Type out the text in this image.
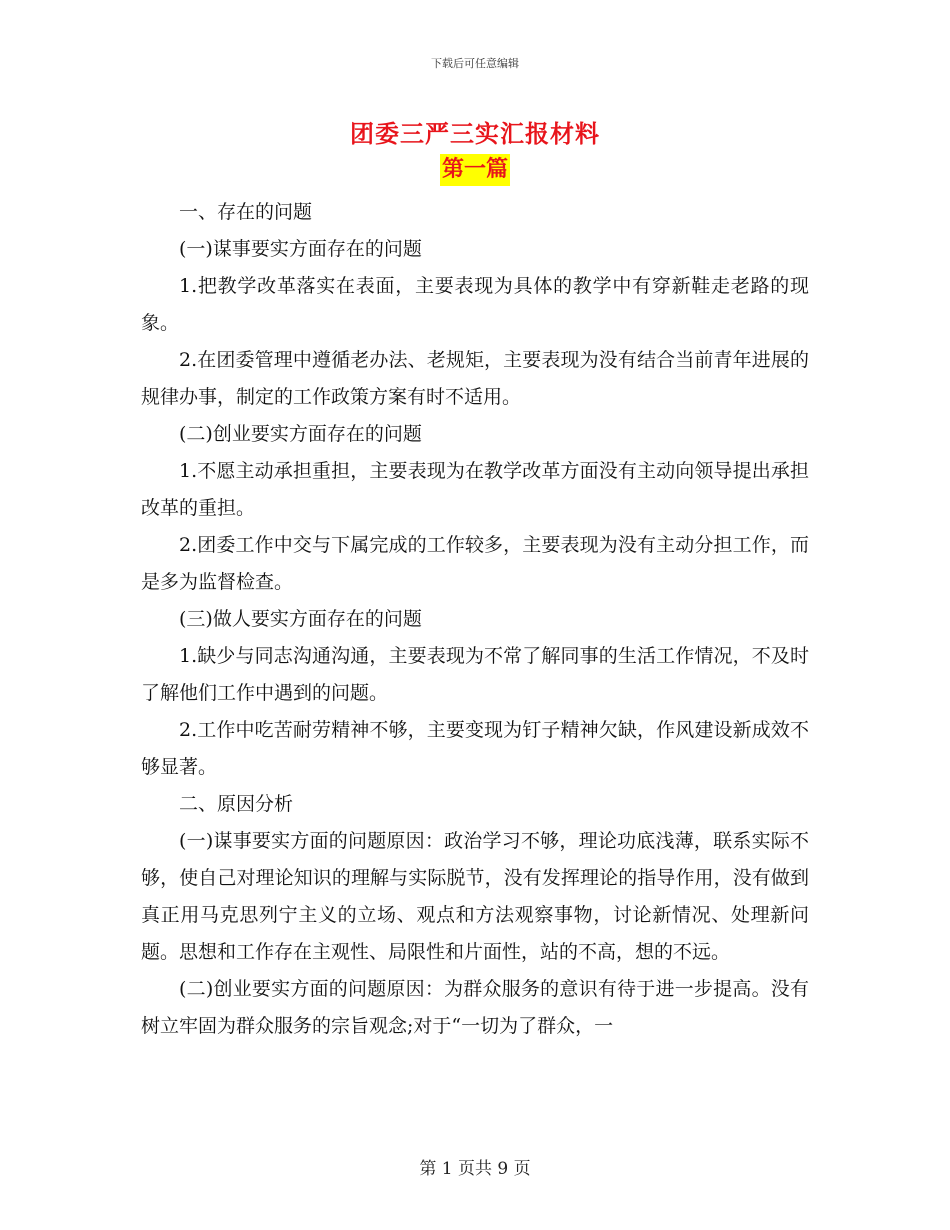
下载后可任意编辑
团委三严三实汇报材料
第一篇

一、存在的问题

(一)谋事要实方面存在的问题

1.把教学改革落实在表面，主要表现为具体的教学中有穿新鞋走老路的现象。

2.在团委管理中遵循老办法、老规矩，主要表现为没有结合当前青年进展的规律办事，制定的工作政策方案有时不适用。

(二)创业要实方面存在的问题

1.不愿主动承担重担，主要表现为在教学改革方面没有主动向领导提出承担改革的重担。

2.团委工作中交与下属完成的工作较多，主要表现为没有主动分担工作，而是多为监督检查。

(三)做人要实方面存在的问题

1.缺少与同志沟通沟通，主要表现为不常了解同事的生活工作情况，不及时了解他们工作中遇到的问题。

2.工作中吃苦耐劳精神不够，主要变现为钉子精神欠缺，作风建设新成效不够显著。

二、原因分析

(一)谋事要实方面的问题原因：政治学习不够，理论功底浅薄，联系实际不够，使自己对理论知识的理解与实际脱节，没有发挥理论的指导作用，没有做到真正用马克思列宁主义的立场、观点和方法观察事物，讨论新情况、处理新问题。思想和工作存在主观性、局限性和片面性，站的不高，想的不远。

(二)创业要实方面的问题原因：为群众服务的意识有待于进一步提高。没有树立牢固为群众服务的宗旨观念;对于“一切为了群众，一

第 1 页共 9 页
